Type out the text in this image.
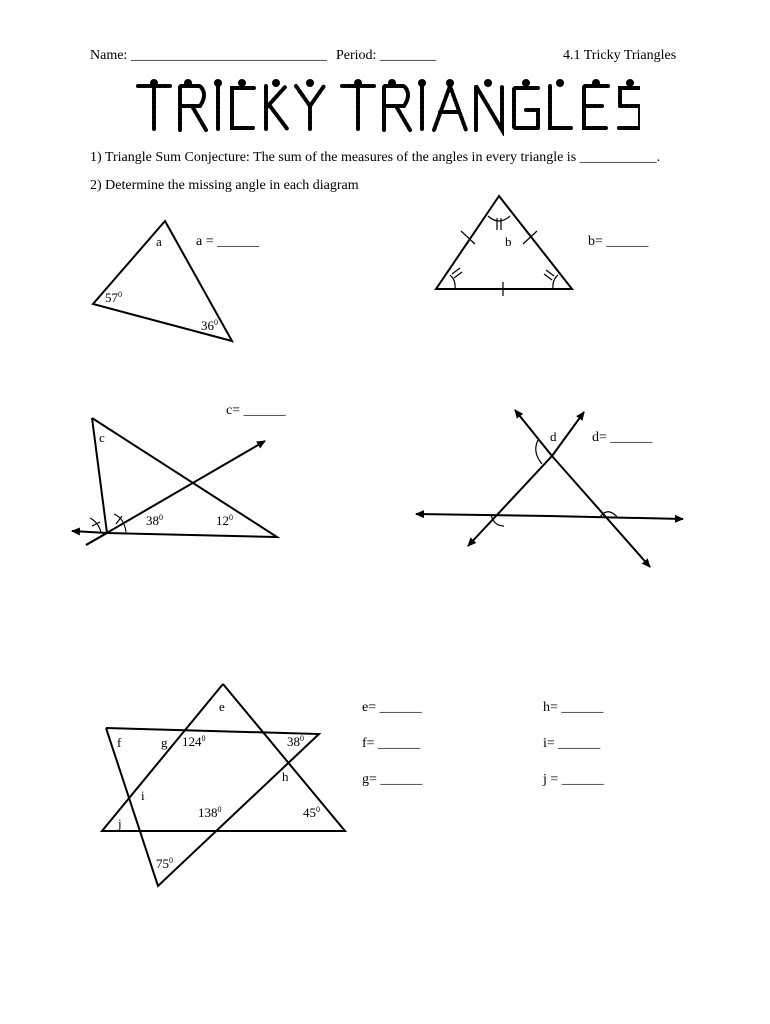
Name: ____________________________ Period: ________	4.1 Tricky Triangles
1) Triangle Sum Conjecture: The sum of the measures of the angles in every triangle is ___________.
2) Determine the missing angle in each diagram
a = ______	b= ______
c= ______
d= ______
e= ______
f= ______
g= ______
h= ______
i= ______
j = ______
a
$57^0$
$36^0$
b
c
$38^0$	$12^0$
d
e
f	g
h
i
j
$124^0$	$38^0$
$138^0$	$45^0$
$75^0$
